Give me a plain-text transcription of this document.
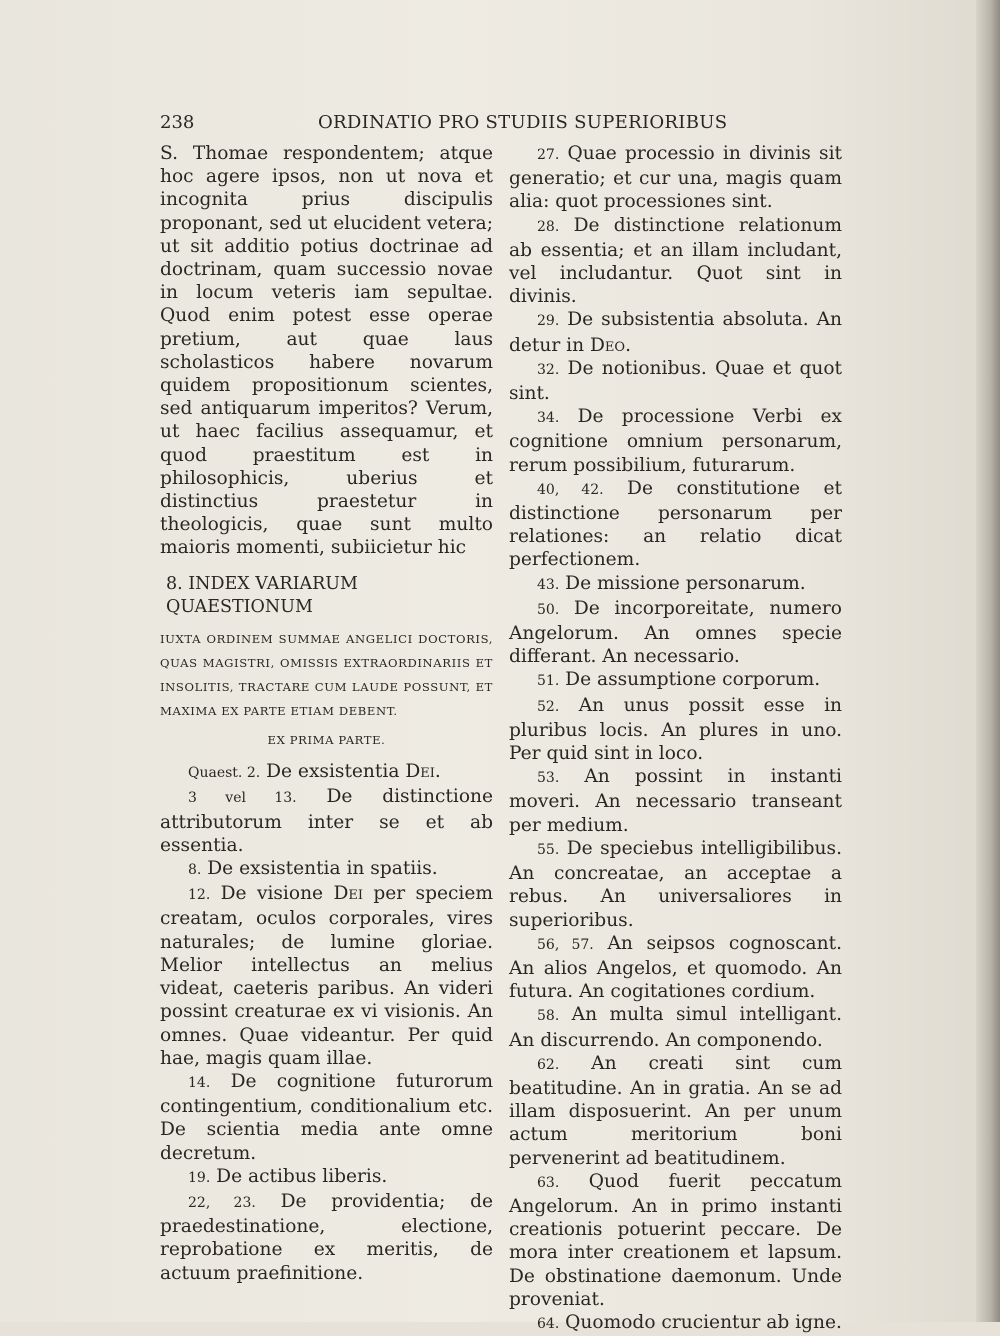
238	ORDINATIO PRO STUDIIS SUPERIORIBUS

S. Thomae respondentem; atque hoc agere ipsos, non ut nova et incognita prius discipulis proponant, sed ut elucident vetera; ut sit additio potius doctrinae ad doctrinam, quam successio novae in locum veteris iam sepultae. Quod enim potest esse operae pretium, aut quae laus scholasticos habere novarum quidem propositionum scientes, sed antiquarum imperitos? Verum, ut haec facilius assequamur, et quod praestitum est in philosophicis, uberius et distinctius praestetur in theologicis, quae sunt multo maioris momenti, subiicietur hic

8. INDEX VARIARUM QUAESTIONUM
IUXTA ORDINEM SUMMAE ANGELICI DOCTORIS, QUAS MAGISTRI, OMISSIS EXTRAORDINARIIS ET INSOLITIS, TRACTARE CUM LAUDE POSSUNT, ET MAXIMA EX PARTE ETIAM DEBENT.
EX PRIMA PARTE.

Quaest. 2. De exsistentia Dei.

3 vel 13. De distinctione attributorum inter se et ab essentia.

8. De exsistentia in spatiis.

12. De visione Dei per speciem creatam, oculos corporales, vires naturales; de lumine gloriae. Melior intellectus an melius videat, caeteris paribus. An videri possint creaturae ex vi visionis. An omnes. Quae videantur. Per quid hae, magis quam illae.

14. De cognitione futurorum contingentium, conditionalium etc. De scientia media ante omne decretum.

19. De actibus liberis.

22, 23. De providentia; de praedestinatione, electione, reprobatione ex meritis, de actuum praefinitione.

27. Quae processio in divinis sit generatio; et cur una, magis quam alia: quot processiones sint.

28. De distinctione relationum ab essentia; et an illam includant, vel includantur. Quot sint in divinis.

29. De subsistentia absoluta. An detur in Deo.

32. De notionibus. Quae et quot sint.

34. De processione Verbi ex cognitione omnium personarum, rerum possibilium, futurarum.

40, 42. De constitutione et distinctione personarum per relationes: an relatio dicat perfectionem.

43. De missione personarum.

50. De incorporeitate, numero Angelorum. An omnes specie differant. An necessario.

51. De assumptione corporum.

52. An unus possit esse in pluribus locis. An plures in uno. Per quid sint in loco.

53. An possint in instanti moveri. An necessario transeant per medium.

55. De speciebus intelligibilibus. An concreatae, an acceptae a rebus. An universaliores in superioribus.

56, 57. An seipsos cognoscant. An alios Angelos, et quomodo. An futura. An cogitationes cordium.

58. An multa simul intelligant. An discurrendo. An componendo.

62. An creati sint cum beatitudine. An in gratia. An se ad illam disposuerint. An per unum actum meritorium boni pervenerint ad beatitudinem.

63. Quod fuerit peccatum Angelorum. An in primo instanti creationis potuerint peccare. De mora inter creationem et lapsum. De obstinatione daemonum. Unde proveniat.

64. Quomodo crucientur ab igne.
